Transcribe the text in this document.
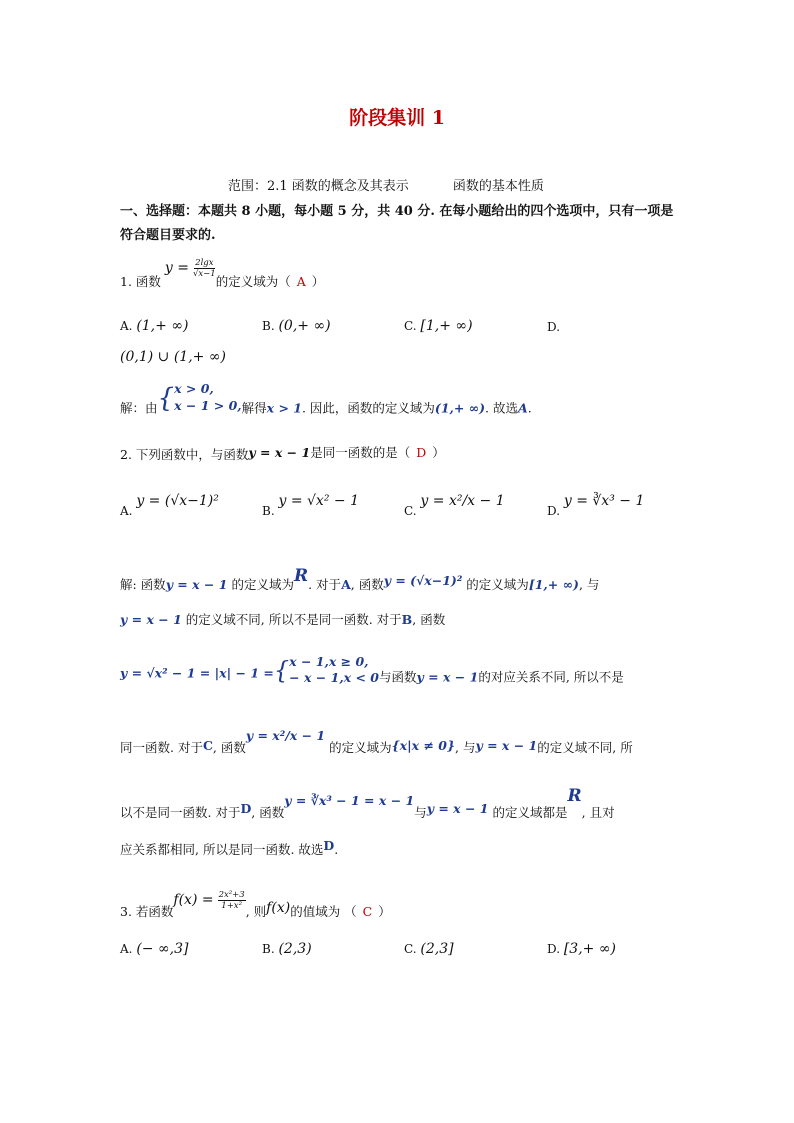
阶段集训 1
范围：2.1 函数的概念及其表示	函数的基本性质
一、选择题：本题共 8 小题，每小题 5 分，共 40 分. 在每小题给出的四个选项中，只有一项是符合题目要求的.
1. 函数 $y = \frac{2\lg x}{√x-1}$
的定义域为（ A ）
A. (1,+ ∞)	B. (0,+ ∞)	C. [1,+ ∞)	D.
(0,1) ∪ (1,+ ∞)
解：由{ x > 0,
x − 1 > 0, 解得x > 1. 因此，函数的定义域为(1,+ ∞). 故选A.
2. 下列函数中，与函数y = x − 1是同一函数的是（ D ）
A. y = (√x−1)²
B. y = √x² − 1
C. y = x²/x − 1
D. y = ∛x³ − 1
解: 函数y = x − 1 的定义域为R. 对于A, 函数y = (√x−1)² 的定义域为[1,+ ∞), 与
y = x − 1 的定义域不同, 所以不是同一函数. 对于B, 函数
y = √x² − 1 = |x| − 1 ={ x − 1,x ≥ 0,
− x − 1,x < 0 与函数y = x − 1的对应关系不同, 所以不是
同一函数. 对于C, 函数y = x²/x − 1 的定义域为{x|x ≠ 0}, 与y = x − 1的定义域不同, 所
以不是同一函数. 对于D, 函数y = ∛x³ − 1 = x − 1与y = x − 1 的定义域都是R, 且对
应关系都相同, 所以是同一函数. 故选D.
3. 若函数$f(x) = \frac{\text{2x²+3}}{\text{1+x²}}$
, 则f(x)的值域为 （ C ）
A. (− ∞,3]	B. (2,3)	C. (2,3]	D. [3,+ ∞)
